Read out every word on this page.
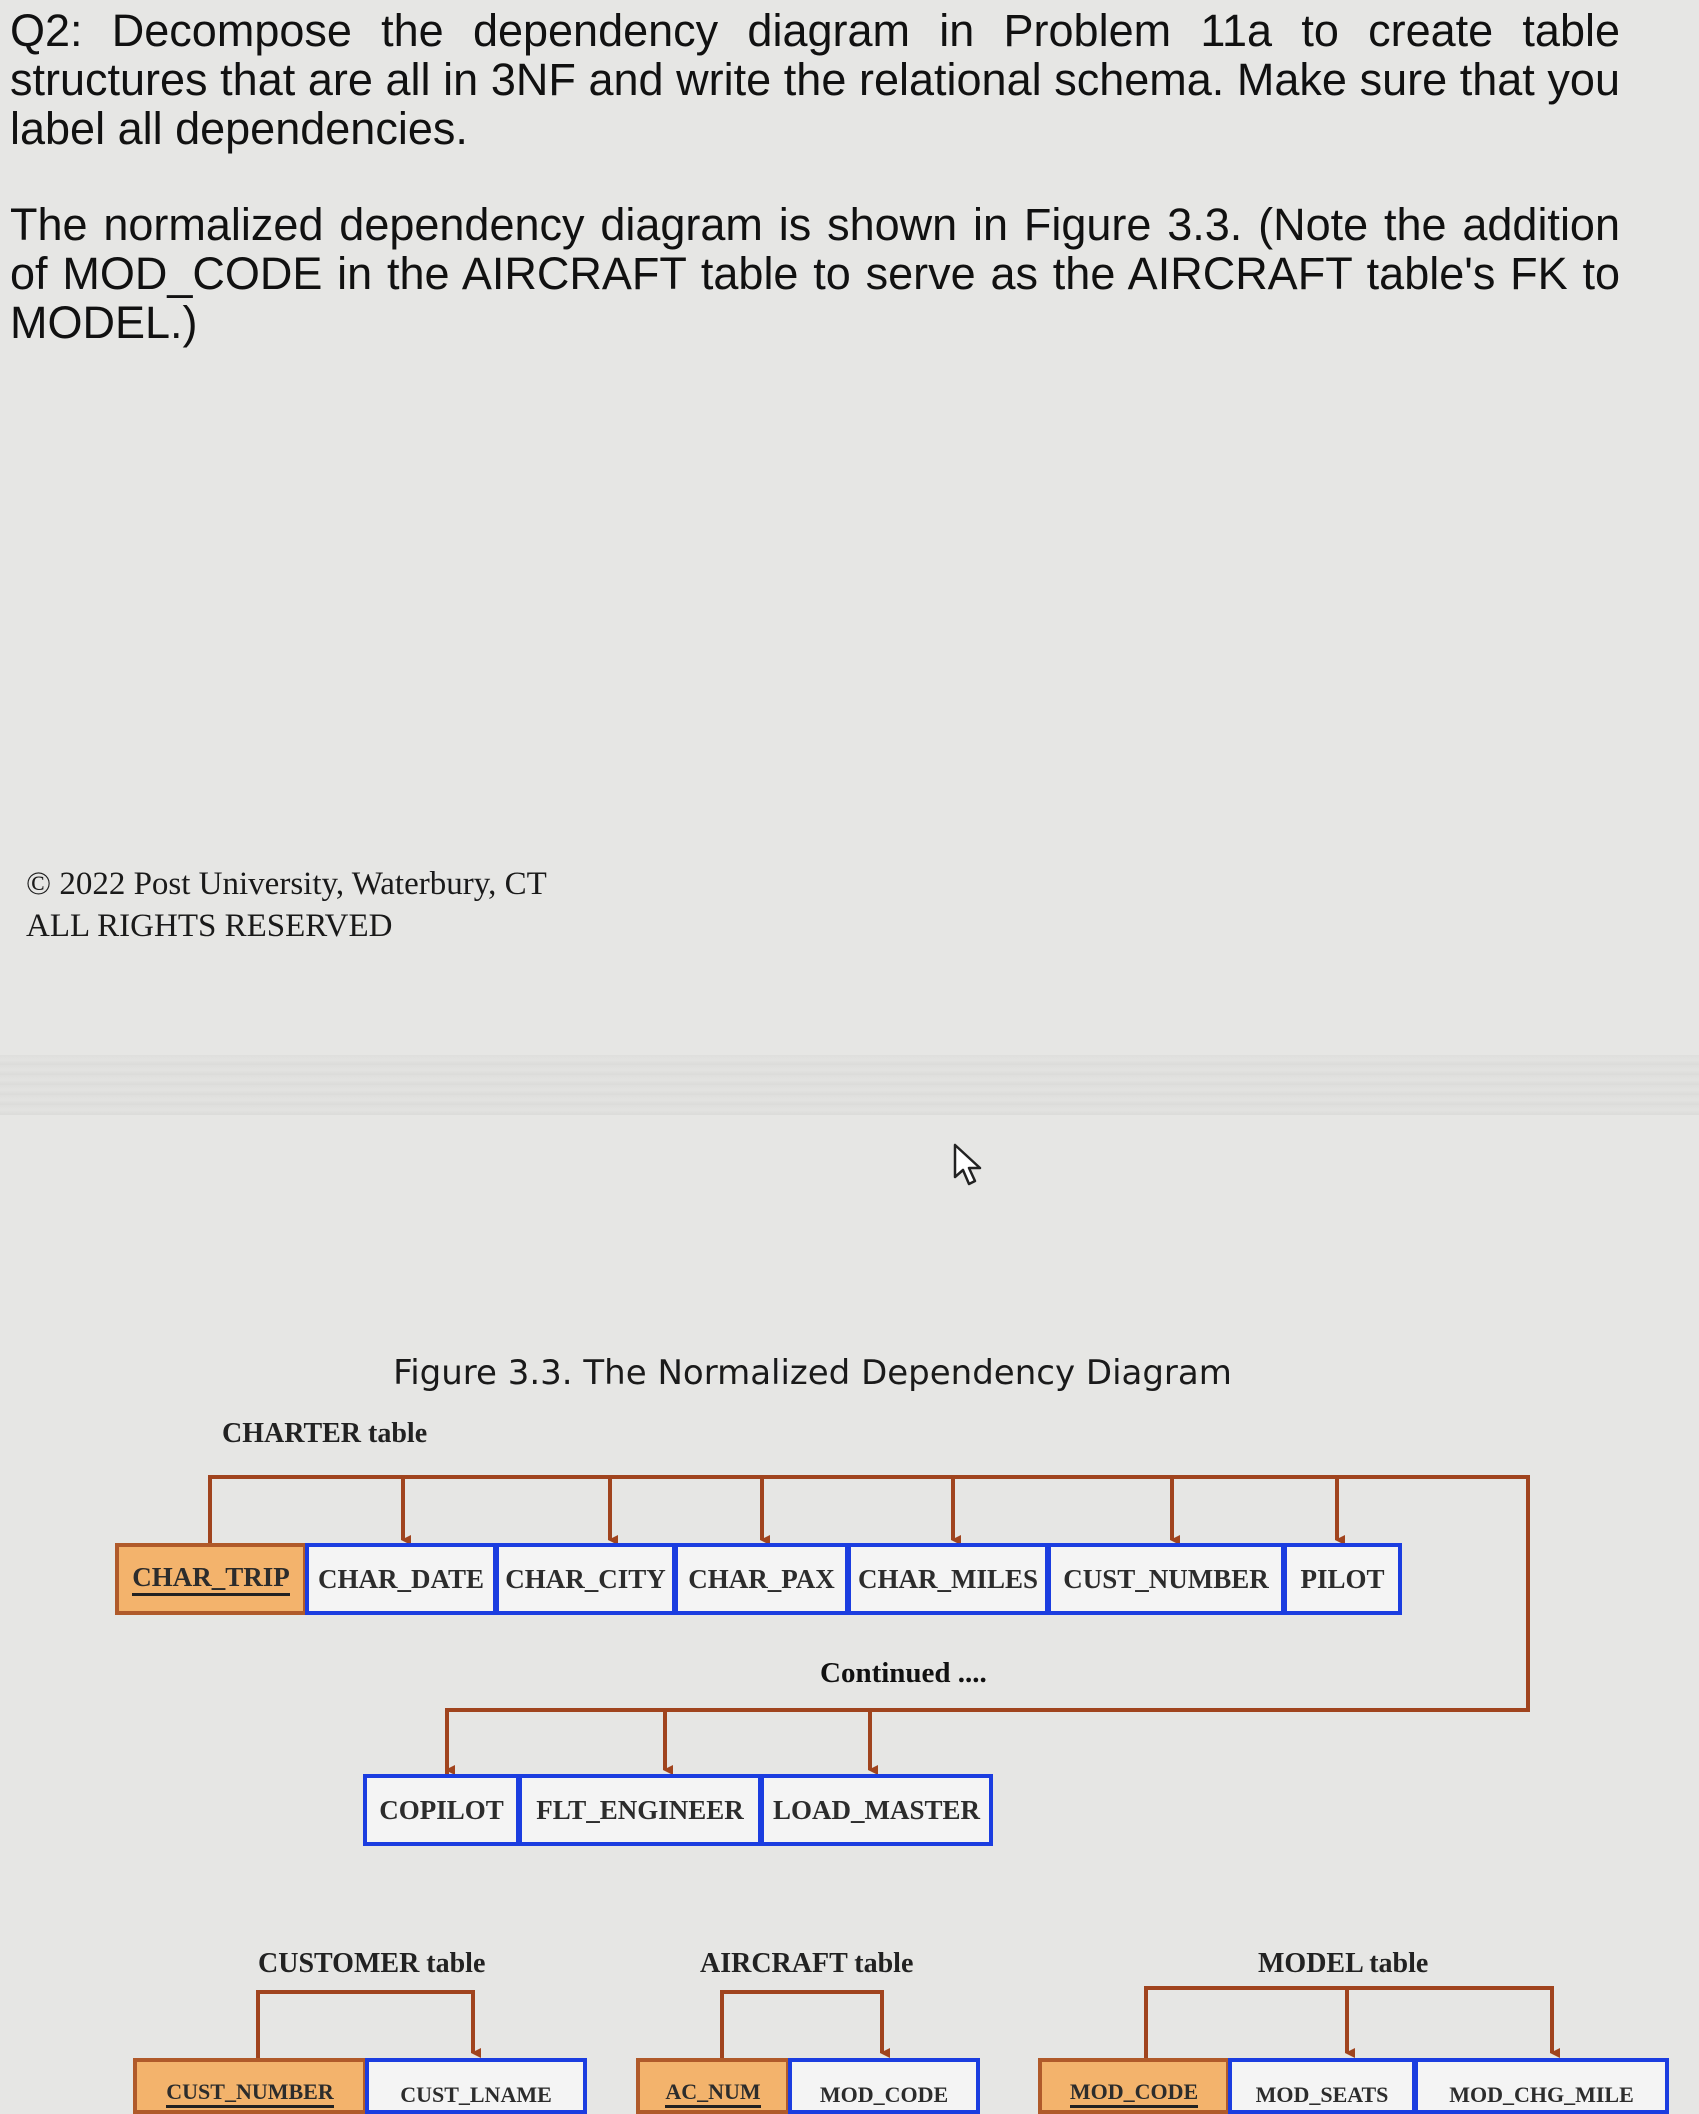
Q2: Decompose the dependency diagram in Problem 11a to create table structures that are all in 3NF and write the relational schema. Make sure that you label all dependencies.

The normalized dependency diagram is shown in Figure 3.3. (Note the addition of MOD_CODE in the AIRCRAFT table to serve as the AIRCRAFT table's FK to MODEL.)

© 2022 Post University, Waterbury, CT
ALL RIGHTS RESERVED
Figure 3.3. The Normalized Dependency Diagram
CHARTER table
CUSTOMER table	AIRCRAFT table	MODEL table
CHAR_TRIP	CHAR_DATE CHAR_CITY CHAR_PAX CHAR_MILES CUST_NUMBER	PILOT
Continued ....
COPILOT	FLT_ENGINEER	LOAD_MASTER
CUST_NUMBER	CUST_LNAME	AC_NUM	MOD_CODE	MOD_CODE	MOD_SEATS	MOD_CHG_MILE
